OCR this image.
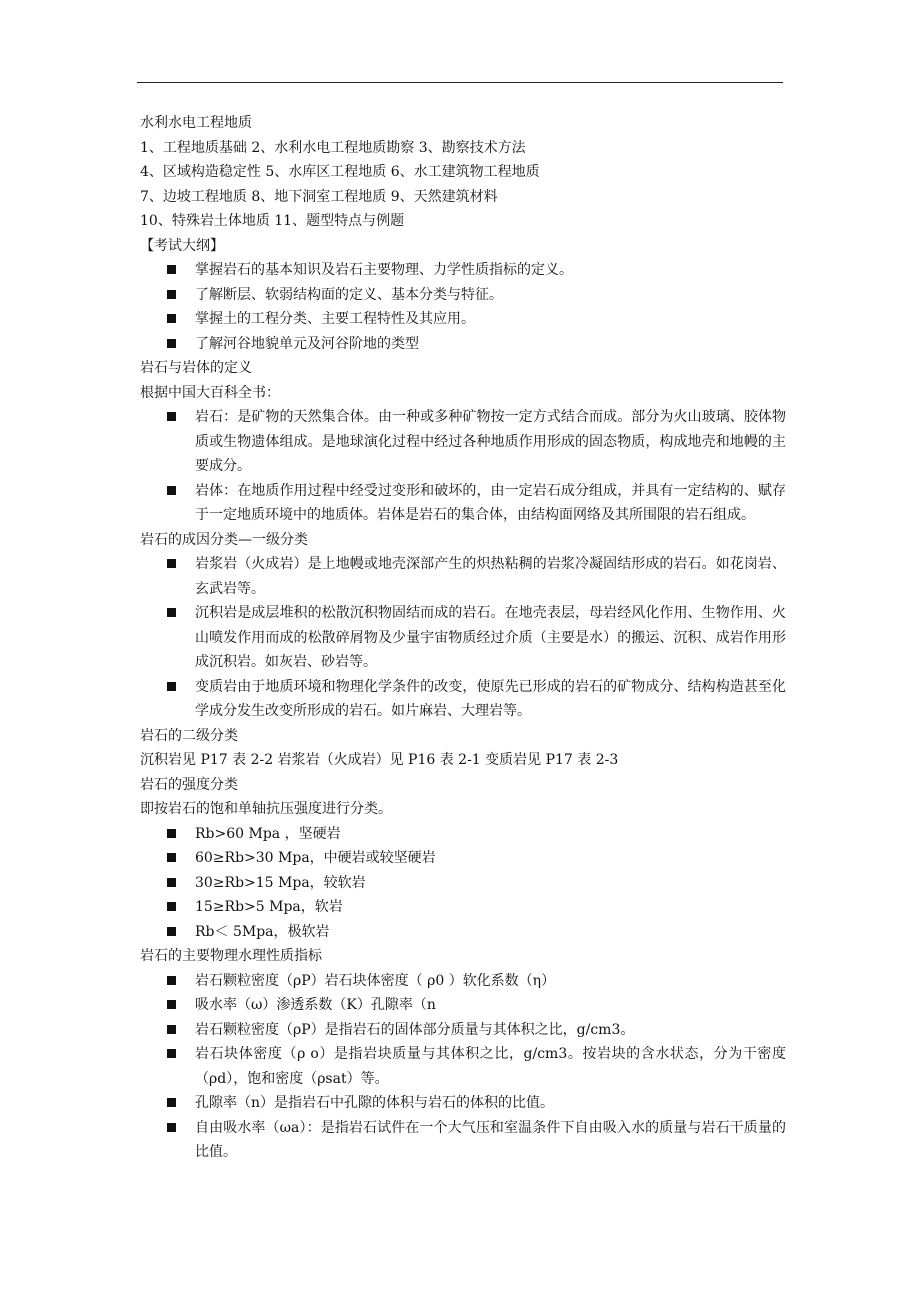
水利水电工程地质
1、工程地质基础 2、水利水电工程地质勘察 3、勘察技术方法
4、区域构造稳定性 5、水库区工程地质 6、水工建筑物工程地质
7、边坡工程地质 8、地下洞室工程地质 9、天然建筑材料
10、特殊岩土体地质 11、题型特点与例题
【考试大纲】
掌握岩石的基本知识及岩石主要物理、力学性质指标的定义。
了解断层、软弱结构面的定义、基本分类与特征。
掌握土的工程分类、主要工程特性及其应用。
了解河谷地貌单元及河谷阶地的类型
岩石与岩体的定义
根据中国大百科全书：
岩石：是矿物的天然集合体。由一种或多种矿物按一定方式结合而成。部分为火山玻璃、胶体物质或生物遗体组成。是地球演化过程中经过各种地质作用形成的固态物质，构成地壳和地幔的主要成分。
岩体：在地质作用过程中经受过变形和破坏的，由一定岩石成分组成，并具有一定结构的、赋存于一定地质环境中的地质体。岩体是岩石的集合体，由结构面网络及其所围限的岩石组成。
岩石的成因分类—一级分类
岩浆岩（火成岩）是上地幔或地壳深部产生的炽热粘稠的岩浆冷凝固结形成的岩石。如花岗岩、玄武岩等。
沉积岩是成层堆积的松散沉积物固结而成的岩石。在地壳表层，母岩经风化作用、生物作用、火山喷发作用而成的松散碎屑物及少量宇宙物质经过介质（主要是水）的搬运、沉积、成岩作用形成沉积岩。如灰岩、砂岩等。
变质岩由于地质环境和物理化学条件的改变，使原先已形成的岩石的矿物成分、结构构造甚至化学成分发生改变所形成的岩石。如片麻岩、大理岩等。
岩石的二级分类
沉积岩见 P17 表 2-2 岩浆岩（火成岩）见 P16 表 2-1 变质岩见 P17 表 2-3
岩石的强度分类
即按岩石的饱和单轴抗压强度进行分类。
Rb>60 Mpa ，坚硬岩
60≥Rb>30 Mpa，中硬岩或较坚硬岩
30≥Rb>15 Mpa，较软岩
15≥Rb>5 Mpa，软岩
Rb＜ 5Mpa，极软岩
岩石的主要物理水理性质指标
岩石颗粒密度（ρP）岩石块体密度（ ρ0 ）软化系数（η）
吸水率（ω）渗透系数（K）孔隙率（n
岩石颗粒密度（ρP）是指岩石的固体部分质量与其体积之比，g/cm3。
岩石块体密度（ρ o）是指岩块质量与其体积之比，g/cm3。按岩块的含水状态，分为干密度（ρd），饱和密度（ρsat）等。
孔隙率（n）是指岩石中孔隙的体积与岩石的体积的比值。
自由吸水率（ωa）：是指岩石试件在一个大气压和室温条件下自由吸入水的质量与岩石干质量的比值。
